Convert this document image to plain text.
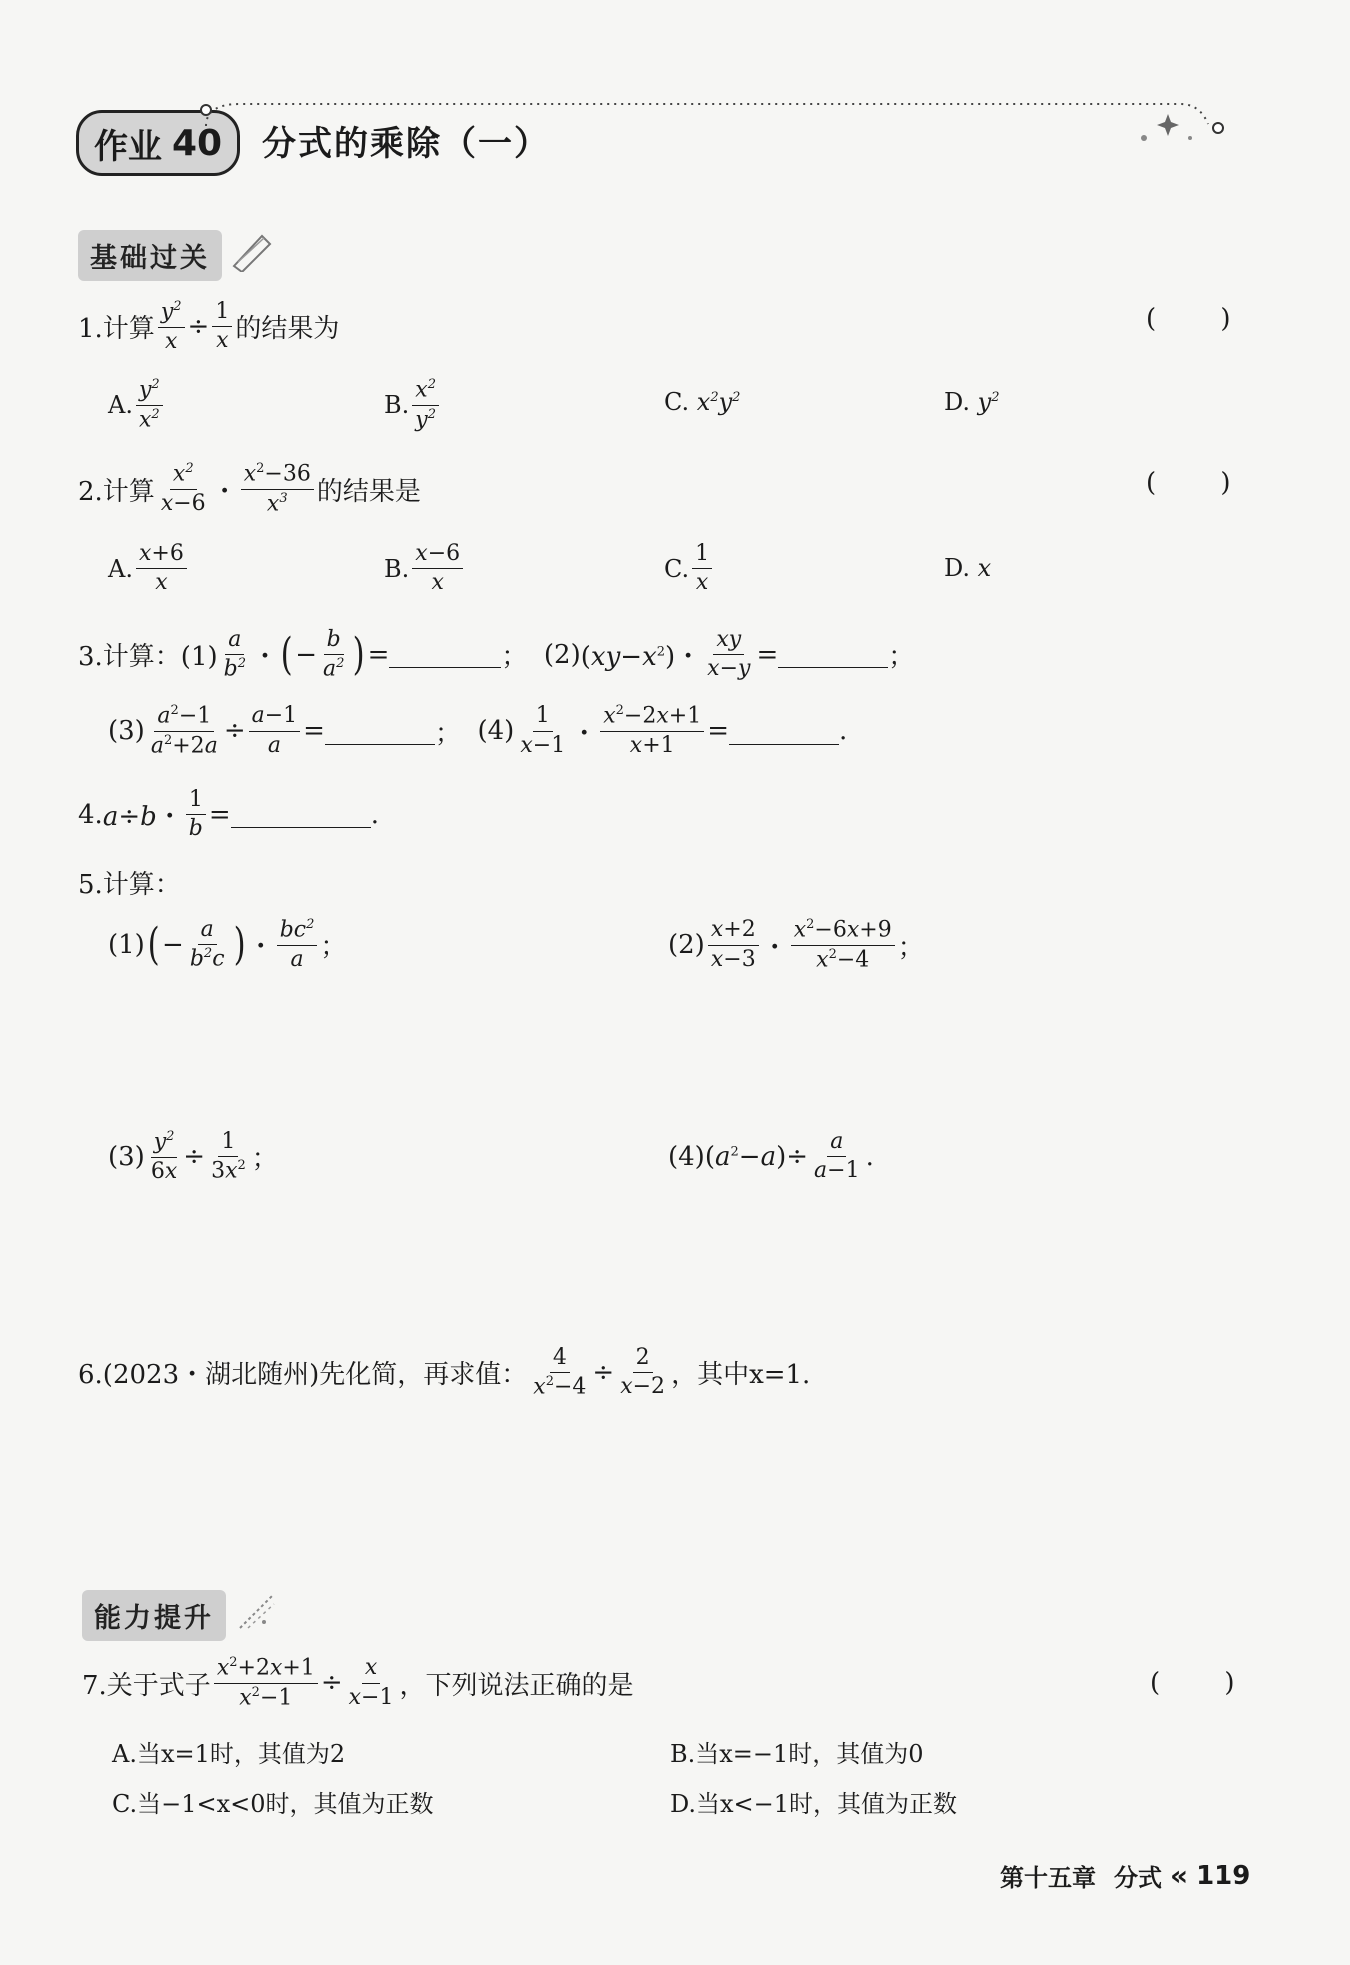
作业 40 分式的乘除（一）
基础过关
1.计算 $\frac{y^2}{x} \div \frac{1}{x}$ 的结果为	( )
A. $\frac{y^2}{x^2}$	B. $\frac{x^2}{y^2}$	C.
$x^2y^2$	D.
$y^2$
2.计算 $\frac{x^2}{x-6}$ ・ $\frac{x^2-36}{x^3}$ 的结果是	( )
A. $\frac{x+6}{x}$	B. $\frac{x-6}{x}$	C. $\frac{1}{x}$	D.
x
3.计算：$(1) \frac{a}{b^2}$ ・ ( − $\frac{b}{a^2}$ ) =	； (2) $(xy-x^2)$・ $\frac{xy}{x-y}$ =	；
$(3) \frac{a^2-1}{a^2+2a} \div \frac{a-1}{a}$ =	； $(4) \frac{1}{x-1}$ ・ $\frac{x^2-2x+1}{x+1}$ =	.
4. a÷b・ $\frac{1}{b}$ =	.
5.计算：
(1) ( − $\frac{a}{b^2c}$ ) ・ $\frac{bc^2}{a}$ ；	$(2) \frac{x+2}{x-3}$ ・ $\frac{x^2-6x+9}{x^2-4}$ ；
$(3) \frac{y^2}{6x} \div \frac{1}{3x^2}$ ；	(4) $(a^2-a)\div \frac{a}{a-1}$ .
6.(2023・湖北随州)先化简，再求值： $\frac{4}{x^2-4} \div \frac{2}{x-2}$ ，其中x=1.
能力提升
7.关于式子 $\frac{x^2+2x+1}{x^2-1} \div \frac{x}{x-1}$ ，下列说法正确的是	( )
A.当x=1时，其值为2	B.当x=−1时，其值为0
C.当−1<x<0时，其值为正数	D.当x<−1时，其值为正数
第十五章 分式 « 119
